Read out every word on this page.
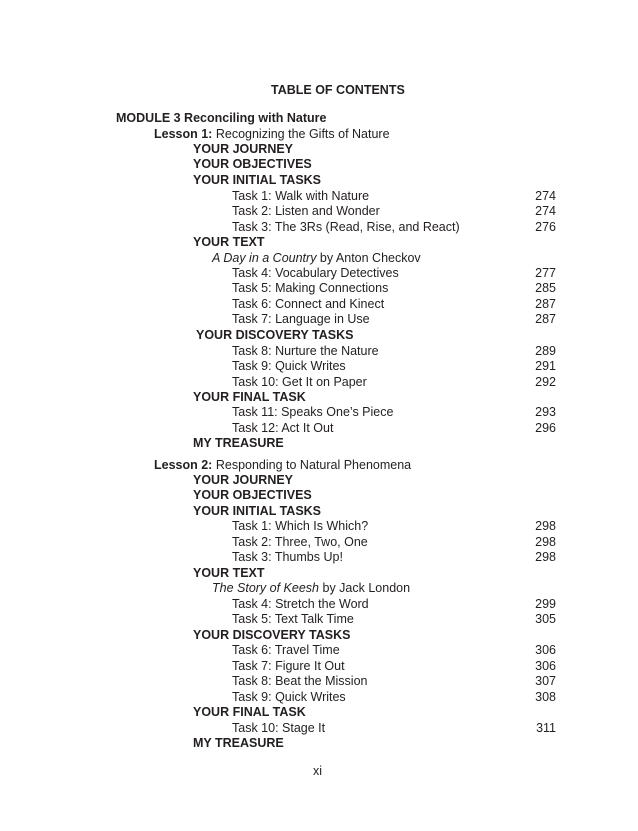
TABLE OF CONTENTS
MODULE 3 Reconciling with Nature
Lesson 1: Recognizing the Gifts of Nature
YOUR JOURNEY
YOUR OBJECTIVES
YOUR INITIAL TASKS
Task 1: Walk with Nature	274
Task 2: Listen and Wonder	274
Task 3: The 3Rs (Read, Rise, and React)	276
YOUR TEXT
A Day in a Country by Anton Checkov
Task 4: Vocabulary Detectives	277
Task 5: Making Connections	285
Task 6: Connect and Kinect	287
Task 7: Language in Use	287
YOUR DISCOVERY TASKS
Task 8: Nurture the Nature	289
Task 9: Quick Writes	291
Task 10: Get It on Paper	292
YOUR FINAL TASK
Task 11: Speaks One’s Piece	293
Task 12: Act It Out	296
MY TREASURE
Lesson 2: Responding to Natural Phenomena
YOUR JOURNEY
YOUR OBJECTIVES
YOUR INITIAL TASKS
Task 1: Which Is Which?	298
Task 2: Three, Two, One	298
Task 3: Thumbs Up!	298
YOUR TEXT
The Story of Keesh by Jack London
Task 4: Stretch the Word	299
Task 5: Text Talk Time	305
YOUR DISCOVERY TASKS
Task 6: Travel Time	306
Task 7: Figure It Out	306
Task 8: Beat the Mission	307
Task 9: Quick Writes	308
YOUR FINAL TASK
Task 10: Stage It	311
MY TREASURE
xi
